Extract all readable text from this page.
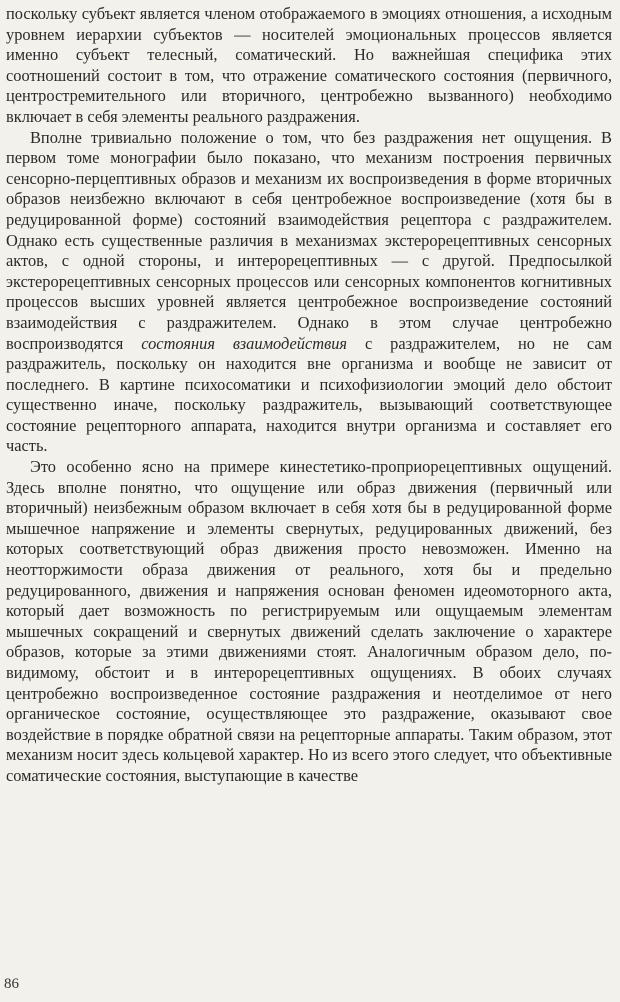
поскольку субъект является членом отображаемого в эмоциях отношения, а исходным уровнем иерархии субъектов — носителей эмоциональных процессов является именно субъект телесный, соматический. Но важнейшая специфика этих соотношений состоит в том, что отражение соматического состояния (первичного, центростремительного или вторичного, центробежно вызванного) необходимо включает в себя элементы реального раздражения.

Вполне тривиально положение о том, что без раздражения нет ощущения. В первом томе монографии было показано, что механизм построения первичных сенсорно-перцептивных образов и механизм их воспроизведения в форме вторичных образов неизбежно включают в себя центробежное воспроизведение (хотя бы в редуцированной форме) состояний взаимодействия рецептора с раздражителем. Однако есть существенные различия в механизмах экстерорецептивных сенсорных актов, с одной стороны, и интерорецептивных — с другой. Предпосылкой экстерорецептивных сенсорных процессов или сенсорных компонентов когнитивных процессов высших уровней является центробежное воспроизведение состояний взаимодействия с раздражителем. Однако в этом случае центробежно воспроизводятся состояния взаимодействия с раздражителем, но не сам раздражитель, поскольку он находится вне организма и вообще не зависит от последнего. В картине психосоматики и психофизиологии эмоций дело обстоит существенно иначе, поскольку раздражитель, вызывающий соответствующее состояние рецепторного аппарата, находится внутри организма и составляет его часть.

Это особенно ясно на примере кинестетико-проприорецептивных ощущений. Здесь вполне понятно, что ощущение или образ движения (первичный или вторичный) неизбежным образом включает в себя хотя бы в редуцированной форме мышечное напряжение и элементы свернутых, редуцированных движений, без которых соответствующий образ движения просто невозможен. Именно на неотторжимости образа движения от реального, хотя бы и предельно редуцированного, движения и напряжения основан феномен идеомоторного акта, который дает возможность по регистрируемым или ощущаемым элементам мышечных сокращений и свернутых движений сделать заключение о характере образов, которые за этими движениями стоят. Аналогичным образом дело, по-видимому, обстоит и в интерорецептивных ощущениях. В обоих случаях центробежно воспроизведенное состояние раздражения и неотделимое от него органическое состояние, осуществляющее это раздражение, оказывают свое воздействие в порядке обратной связи на рецепторные аппараты. Таким образом, этот механизм носит здесь кольцевой характер. Но из всего этого следует, что объективные соматические состояния, выступающие в качестве

86
